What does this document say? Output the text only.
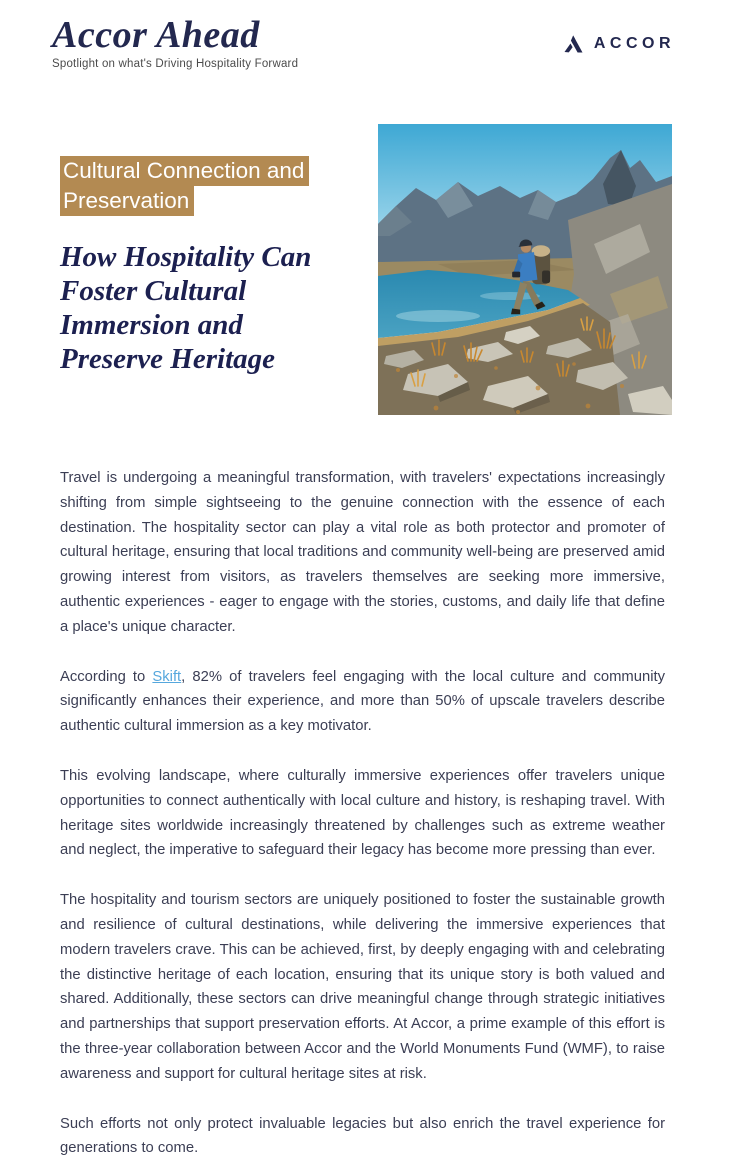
Accor Ahead
Spotlight on what's Driving Hospitality Forward
ACCOR
Cultural Connection and Preservation
How Hospitality Can Foster Cultural Immersion and Preserve Heritage

Travel is undergoing a meaningful transformation, with travelers' expectations increasingly shifting from simple sightseeing to the genuine connection with the essence of each destination. The hospitality sector can play a vital role as both protector and promoter of cultural heritage, ensuring that local traditions and community well-being are preserved amid growing interest from visitors, as travelers themselves are seeking more immersive, authentic experiences - eager to engage with the stories, customs, and daily life that define a place's unique character.

According to Skift, 82% of travelers feel engaging with the local culture and community significantly enhances their experience, and more than 50% of upscale travelers describe authentic cultural immersion as a key motivator.

This evolving landscape, where culturally immersive experiences offer travelers unique opportunities to connect authentically with local culture and history, is reshaping travel. With heritage sites worldwide increasingly threatened by challenges such as extreme weather and neglect, the imperative to safeguard their legacy has become more pressing than ever.

The hospitality and tourism sectors are uniquely positioned to foster the sustainable growth and resilience of cultural destinations, while delivering the immersive experiences that modern travelers crave. This can be achieved, first, by deeply engaging with and celebrating the distinctive heritage of each location, ensuring that its unique story is both valued and shared. Additionally, these sectors can drive meaningful change through strategic initiatives and partnerships that support preservation efforts. At Accor, a prime example of this effort is the three-year collaboration between Accor and the World Monuments Fund (WMF), to raise awareness and support for cultural heritage sites at risk.

Such efforts not only protect invaluable legacies but also enrich the travel experience for generations to come.
